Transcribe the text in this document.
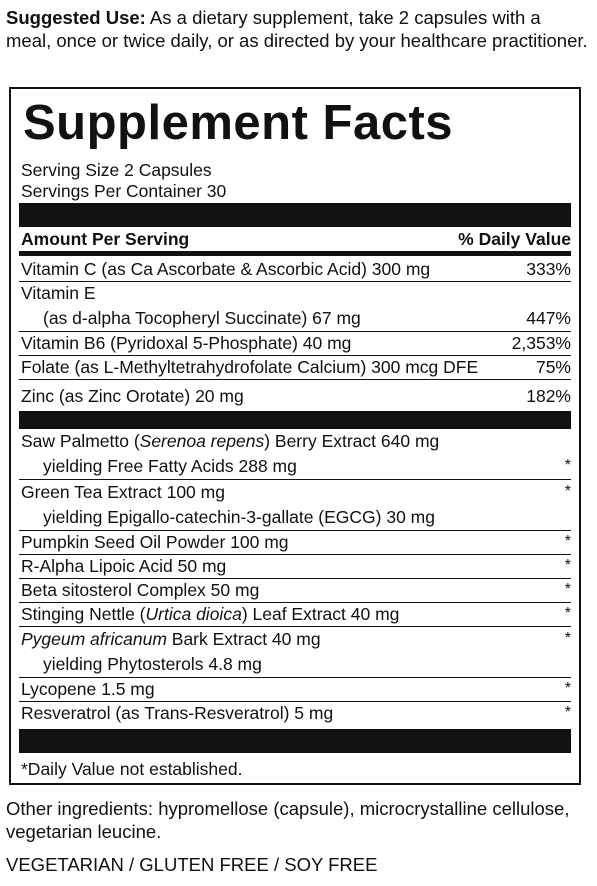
Suggested Use: As a dietary supplement, take 2 capsules with a meal, once or twice daily, or as directed by your healthcare practitioner.
Supplement Facts
Serving Size 2 Capsules
Servings Per Container 30
Amount Per Serving	% Daily Value
Vitamin C (as Ca Ascorbate & Ascorbic Acid) 300 mg	333%
Vitamin E
(as d-alpha Tocopheryl Succinate) 67 mg	447%
Vitamin B6 (Pyridoxal 5-Phosphate) 40 mg	2,353%
Folate (as L-Methyltetrahydrofolate Calcium) 300 mcg DFE	75%
Zinc (as Zinc Orotate) 20 mg	182%
Saw Palmetto (Serenoa repens) Berry Extract 640 mg
yielding Free Fatty Acids 288 mg	*
Green Tea Extract 100 mg	*
yielding Epigallo-catechin-3-gallate (EGCG) 30 mg
Pumpkin Seed Oil Powder 100 mg	*
R-Alpha Lipoic Acid 50 mg	*
Beta sitosterol Complex 50 mg	*
Stinging Nettle (Urtica dioica) Leaf Extract 40 mg	*
Pygeum africanum Bark Extract 40 mg	*
yielding Phytosterols 4.8 mg
Lycopene 1.5 mg	*
Resveratrol (as Trans-Resveratrol) 5 mg	*
*Daily Value not established.
Other ingredients: hypromellose (capsule), microcrystalline cellulose, vegetarian leucine.
VEGETARIAN / GLUTEN FREE / SOY FREE
